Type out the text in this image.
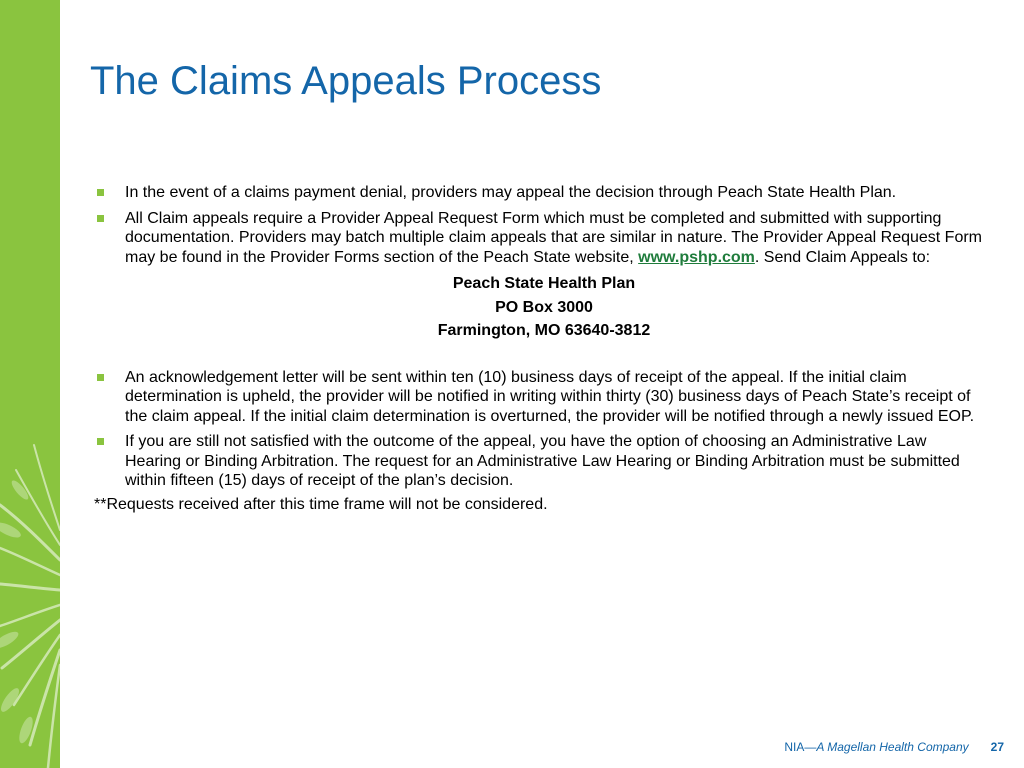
The Claims Appeals Process
In the event of a claims payment denial, providers may appeal the decision through Peach State Health Plan.
All Claim appeals require a Provider Appeal Request Form which must be completed and submitted with supporting documentation. Providers may batch multiple claim appeals that are similar in nature. The Provider Appeal Request Form may be found in the Provider Forms section of the Peach State website, www.pshp.com. Send Claim Appeals to:
Peach State Health Plan
PO Box 3000
Farmington, MO 63640-3812
An acknowledgement letter will be sent within ten (10) business days of receipt of the appeal. If the initial claim determination is upheld, the provider will be notified in writing within thirty (30) business days of Peach State’s receipt of the claim appeal. If the initial claim determination is overturned, the provider will be notified through a newly issued EOP.
If you are still not satisfied with the outcome of the appeal, you have the option of choosing an Administrative Law Hearing or Binding Arbitration. The request for an Administrative Law Hearing or Binding Arbitration must be submitted within fifteen (15) days of receipt of the plan’s decision.
**Requests received after this time frame will not be considered.
NIA—A Magellan Health Company 27
